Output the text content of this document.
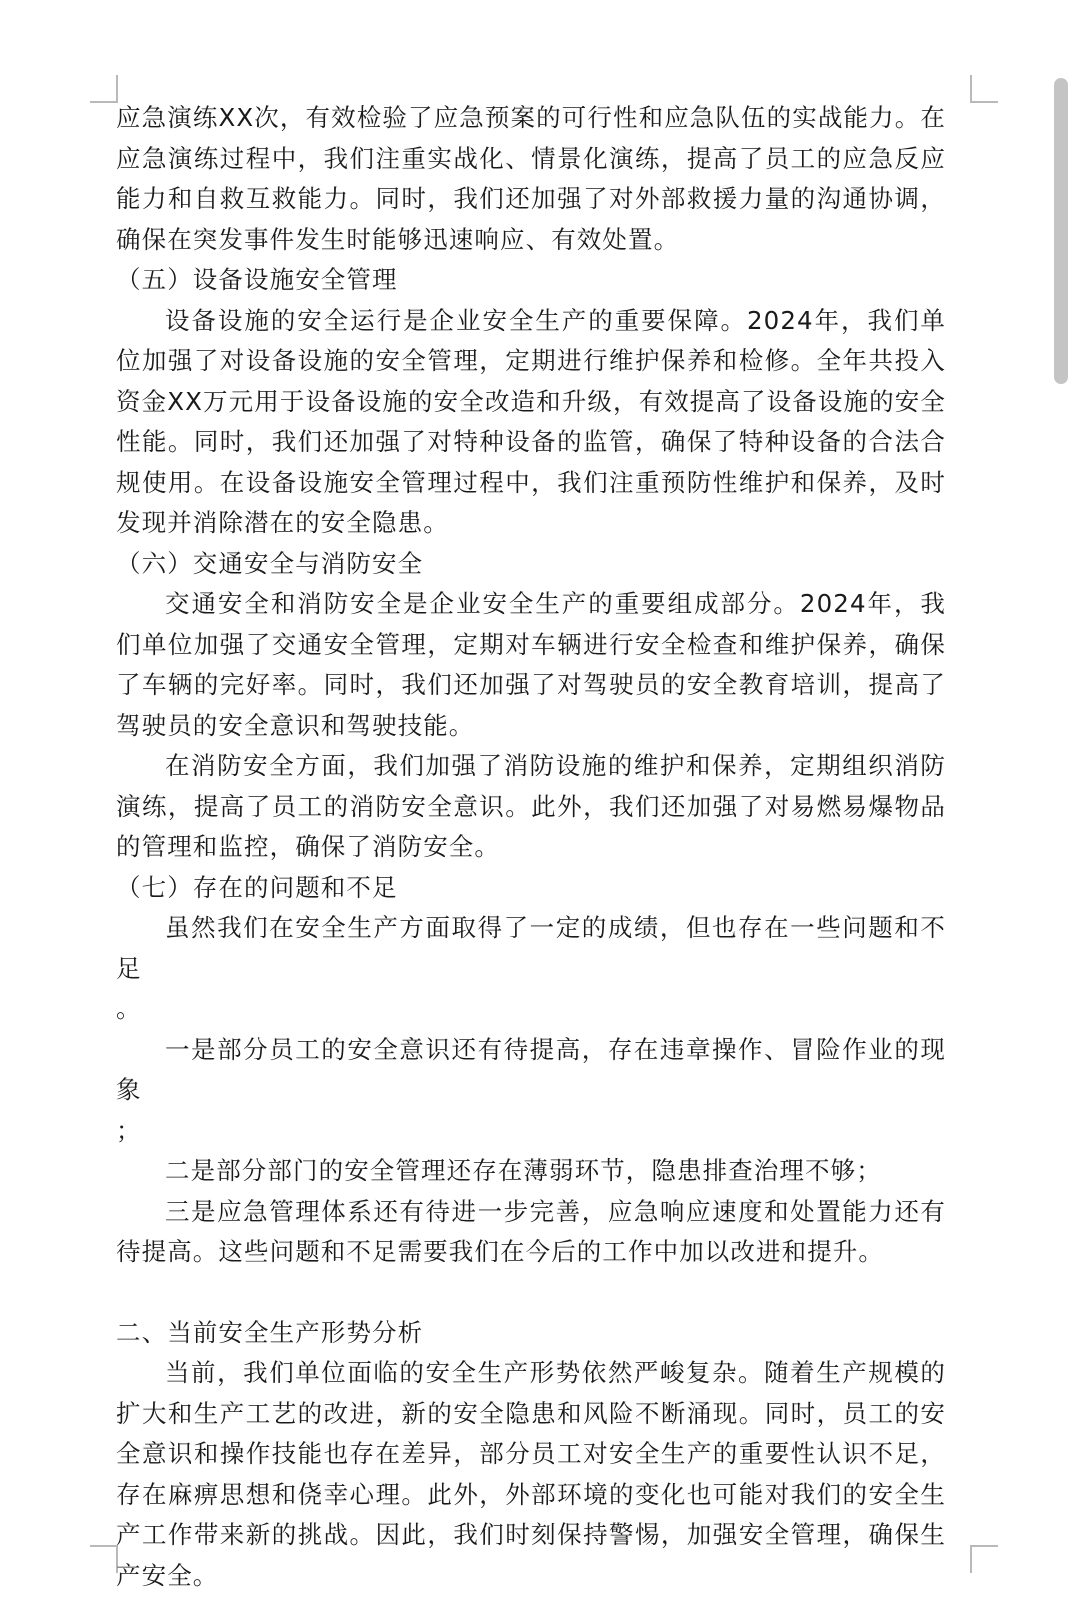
应急演练XX次，有效检验了应急预案的可行性和应急队伍的实战能力。在应急演练过程中，我们注重实战化、情景化演练，提高了员工的应急反应能力和自救互救能力。同时，我们还加强了对外部救援力量的沟通协调，确保在突发事件发生时能够迅速响应、有效处置。

（五）设备设施安全管理

设备设施的安全运行是企业安全生产的重要保障。2024年，我们单位加强了对设备设施的安全管理，定期进行维护保养和检修。全年共投入资金XX万元用于设备设施的安全改造和升级，有效提高了设备设施的安全性能。同时，我们还加强了对特种设备的监管，确保了特种设备的合法合规使用。在设备设施安全管理过程中，我们注重预防性维护和保养，及时发现并消除潜在的安全隐患。

（六）交通安全与消防安全

交通安全和消防安全是企业安全生产的重要组成部分。2024年，我们单位加强了交通安全管理，定期对车辆进行安全检查和维护保养，确保了车辆的完好率。同时，我们还加强了对驾驶员的安全教育培训，提高了驾驶员的安全意识和驾驶技能。

在消防安全方面，我们加强了消防设施的维护和保养，定期组织消防演练，提高了员工的消防安全意识。此外，我们还加强了对易燃易爆物品的管理和监控，确保了消防安全。

（七）存在的问题和不足

虽然我们在安全生产方面取得了一定的成绩，但也存在一些问题和不足

。

一是部分员工的安全意识还有待提高，存在违章操作、冒险作业的现象

；

二是部分部门的安全管理还存在薄弱环节，隐患排查治理不够；

三是应急管理体系还有待进一步完善，应急响应速度和处置能力还有待提高。这些问题和不足需要我们在今后的工作中加以改进和提升。

二、当前安全生产形势分析

当前，我们单位面临的安全生产形势依然严峻复杂。随着生产规模的扩大和生产工艺的改进，新的安全隐患和风险不断涌现。同时，员工的安全意识和操作技能也存在差异，部分员工对安全生产的重要性认识不足，存在麻痹思想和侥幸心理。此外，外部环境的变化也可能对我们的安全生产工作带来新的挑战。因此，我们时刻保持警惕，加强安全管理，确保生产安全。
